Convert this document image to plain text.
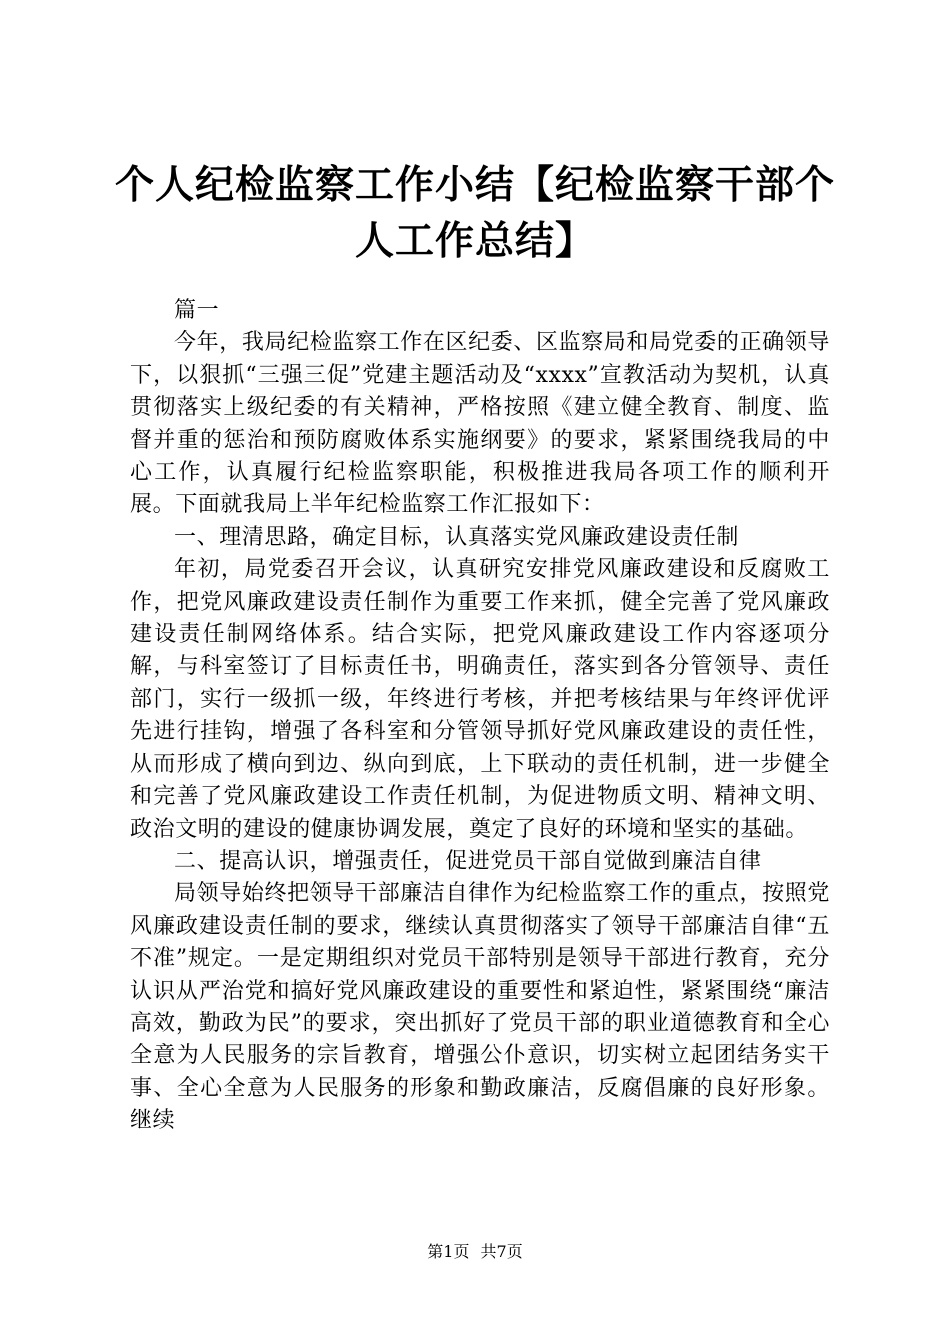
个人纪检监察工作小结【纪检监察干部个人工作总结】

篇一

今年，我局纪检监察工作在区纪委、区监察局和局党委的正确领导下，以狠抓“三强三促”党建主题活动及“xxxx”宣教活动为契机，认真贯彻落实上级纪委的有关精神，严格按照《建立健全教育、制度、监督并重的惩治和预防腐败体系实施纲要》的要求，紧紧围绕我局的中心工作，认真履行纪检监察职能，积极推进我局各项工作的顺利开展。下面就我局上半年纪检监察工作汇报如下：

一、理清思路，确定目标，认真落实党风廉政建设责任制

年初，局党委召开会议，认真研究安排党风廉政建设和反腐败工作，把党风廉政建设责任制作为重要工作来抓，健全完善了党风廉政建设责任制网络体系。结合实际，把党风廉政建设工作内容逐项分解，与科室签订了目标责任书，明确责任，落实到各分管领导、责任部门，实行一级抓一级，年终进行考核，并把考核结果与年终评优评先进行挂钩，增强了各科室和分管领导抓好党风廉政建设的责任性，从而形成了横向到边、纵向到底，上下联动的责任机制，进一步健全和完善了党风廉政建设工作责任机制，为促进物质文明、精神文明、政治文明的建设的健康协调发展，奠定了良好的环境和坚实的基础。

二、提高认识，增强责任，促进党员干部自觉做到廉洁自律

局领导始终把领导干部廉洁自律作为纪检监察工作的重点，按照党风廉政建设责任制的要求，继续认真贯彻落实了领导干部廉洁自律“五不准”规定。一是定期组织对党员干部特别是领导干部进行教育，充分认识从严治党和搞好党风廉政建设的重要性和紧迫性，紧紧围绕“廉洁高效，勤政为民”的要求，突出抓好了党员干部的职业道德教育和全心全意为人民服务的宗旨教育，增强公仆意识，切实树立起团结务实干事、全心全意为人民服务的形象和勤政廉洁，反腐倡廉的良好形象。继续

第1页 共7页
